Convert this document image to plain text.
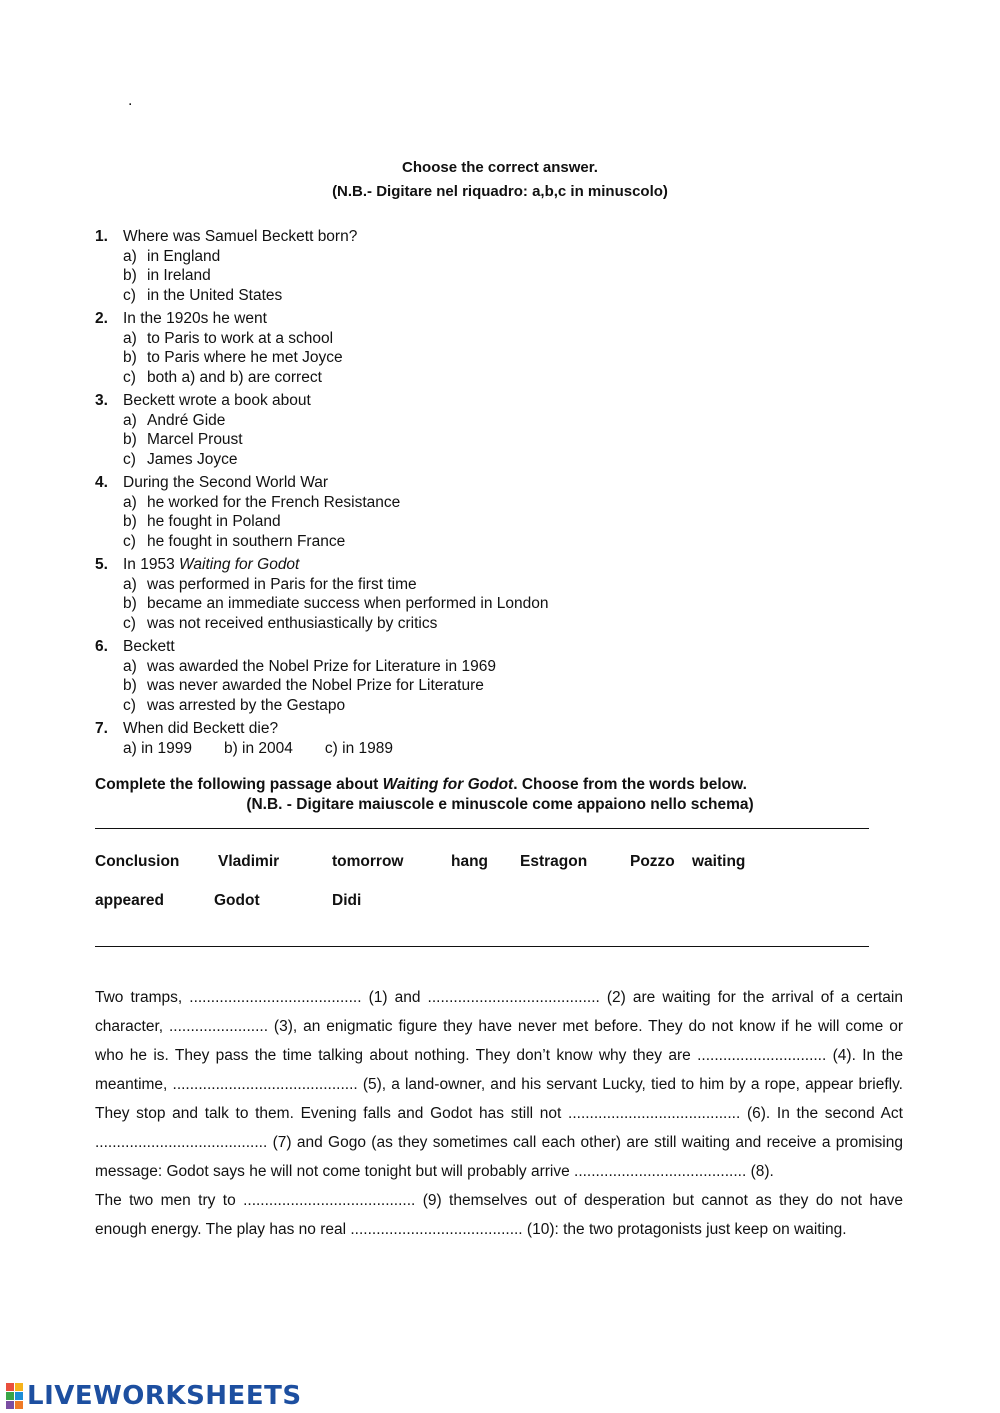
.
Choose the correct answer.
(N.B.- Digitare nel riquadro: a,b,c in minuscolo)
1. Where was Samuel Beckett born?
a) in England
b) in Ireland
c) in the United States
2. In the 1920s he went
a) to Paris to work at a school
b) to Paris where he met Joyce
c) both a) and b) are correct
3. Beckett wrote a book about
a) André Gide
b) Marcel Proust
c) James Joyce
4. During the Second World War
a) he worked for the French Resistance
b) he fought in Poland
c) he fought in southern France
5. In 1953 Waiting for Godot
a) was performed in Paris for the first time
b) became an immediate success when performed in London
c) was not received enthusiastically by critics
6. Beckett
a) was awarded the Nobel Prize for Literature in 1969
b) was never awarded the Nobel Prize for Literature
c) was arrested by the Gestapo
7. When did Beckett die?
a) in 1999 b) in 2004 c) in 1989
Complete the following passage about Waiting for Godot. Choose from the words below.
(N.B. - Digitare maiuscole e minuscole come appaiono nello schema)
Conclusion Vladimir	tomorrow	hang Estragon	Pozzo waiting
appeared	Godot	Didi

Two tramps, ........................................ (1) and ........................................ (2) are waiting for the arrival of a certain character, ....................... (3), an enigmatic figure they have never met before. They do not know if he will come or who he is. They pass the time talking about nothing. They don’t know why they are .............................. (4). In the meantime, ........................................... (5), a land-owner, and his servant Lucky, tied to him by a rope, appear briefly. They stop and talk to them. Evening falls and Godot has still not ........................................ (6). In the second Act ........................................ (7) and Gogo (as they sometimes call each other) are still waiting and receive a promising message: Godot says he will not come tonight but will probably arrive ........................................ (8).

The two men try to ........................................ (9) themselves out of desperation but cannot as they do not have enough energy. The play has no real ........................................ (10): the two protagonists just keep on waiting.

LIVEWORKSHEETS
